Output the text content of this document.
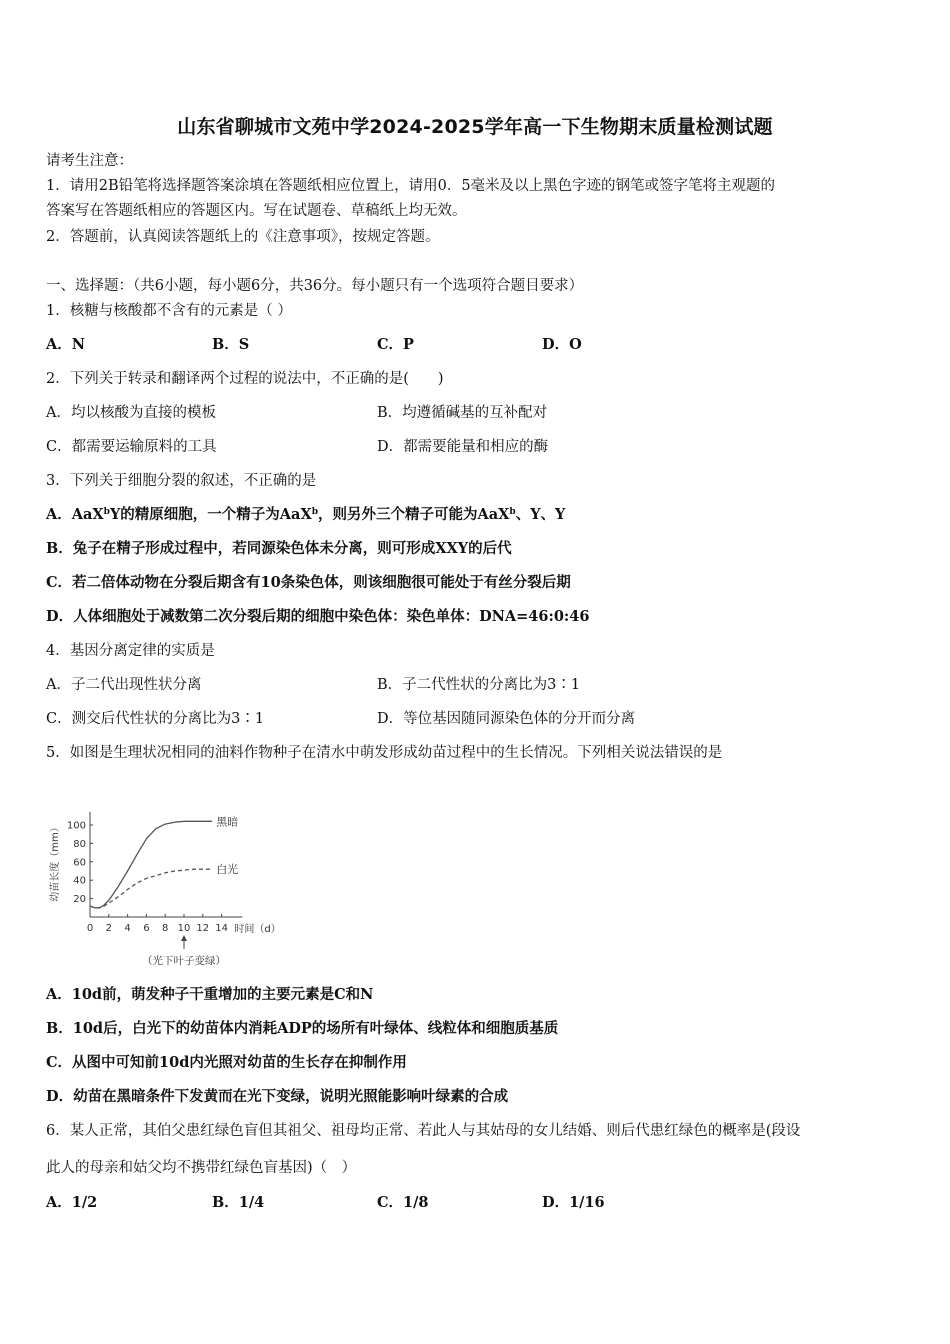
山东省聊城市文苑中学2024-2025学年高一下生物期末质量检测试题
请考生注意：
1．请用2B铅笔将选择题答案涂填在答题纸相应位置上，请用0．5毫米及以上黑色字迹的钢笔或签字笔将主观题的
答案写在答题纸相应的答题区内。写在试题卷、草稿纸上均无效。
2．答题前，认真阅读答题纸上的《注意事项》，按规定答题。
一、选择题：（共6小题，每小题6分，共36分。每小题只有一个选项符合题目要求）
1．核糖与核酸都不含有的元素是（ ）
A．N	B．S	C．P	D．O
2．下列关于转录和翻译两个过程的说法中，不正确的是(　　)
A．均以核酸为直接的模板	B．均遵循碱基的互补配对
C．都需要运输原料的工具	D．都需要能量和相应的酶
3．下列关于细胞分裂的叙述，不正确的是
A．AaX$^b$Y的精原细胞，一个精子为AaX$^b$，则另外三个精子可能为AaX$^b$、Y、Y
B．兔子在精子形成过程中，若同源染色体未分离，则可形成XXY的后代
C．若二倍体动物在分裂后期含有10条染色体，则该细胞很可能处于有丝分裂后期
D．人体细胞处于减数第二次分裂后期的细胞中染色体：染色单体：DNA=46:0:46
4．基因分离定律的实质是
A．子二代出现性状分离	B．子二代性状的分离比为3∶1
C．测交后代性状的分离比为3∶1	D．等位基因随同源染色体的分开而分离
5．如图是生理状况相同的油料作物种子在清水中萌发形成幼苗过程中的生长情况。下列相关说法错误的是
0 2 4 6 8 10 12 14
20
40
60
80
100
幼苗长度（mm）
时间（d）
黑暗
白光
（光下叶子变绿）
A．10d前，萌发种子干重增加的主要元素是C和N
B．10d后，白光下的幼苗体内消耗ADP的场所有叶绿体、线粒体和细胞质基质
C．从图中可知前10d内光照对幼苗的生长存在抑制作用
D．幼苗在黑暗条件下发黄而在光下变绿，说明光照能影响叶绿素的合成
6．某人正常，其伯父患红绿色盲但其祖父、祖母均正常、若此人与其姑母的女儿结婚、则后代患红绿色的概率是(段设
此人的母亲和姑父均不携带红绿色盲基因)（　）
A．1/2	B．1/4	C．1/8	D．1/16
